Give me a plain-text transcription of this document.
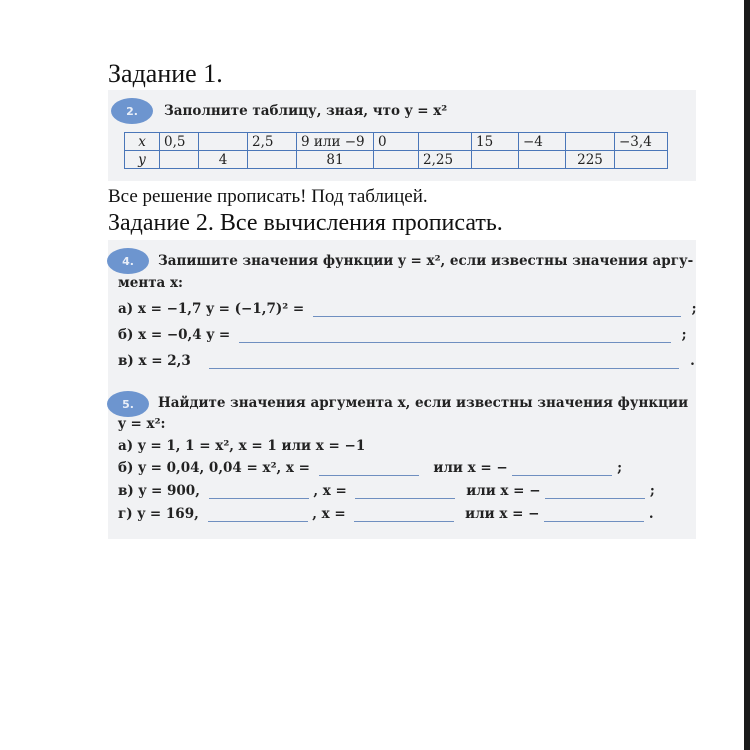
Задание 1.
2.	Заполните таблицу, зная, что y = x²
x	0,5		2,5	9 или −9	0		15	−4		−3,4
y		4		81		2,25			225	
Все решение прописать! Под таблицей.
Задание 2. Все вычисления прописать.
4.	Запишите значения функции y = x², если известны значения аргу-
мента x:
а) x = −1,7 y = (−1,7)² =	;
б) x = −0,4 y =	;
в) x = 2,3	.
5.	Найдите значения аргумента x, если известны значения функции
y = x²:
а) y = 1, 1 = x², x = 1 или x = −1
б) y = 0,04, 0,04 = x², x =	или x = −	;
в) y = 900,	, x =	или x = −	;
г) y = 169,	, x =	или x = −	.
